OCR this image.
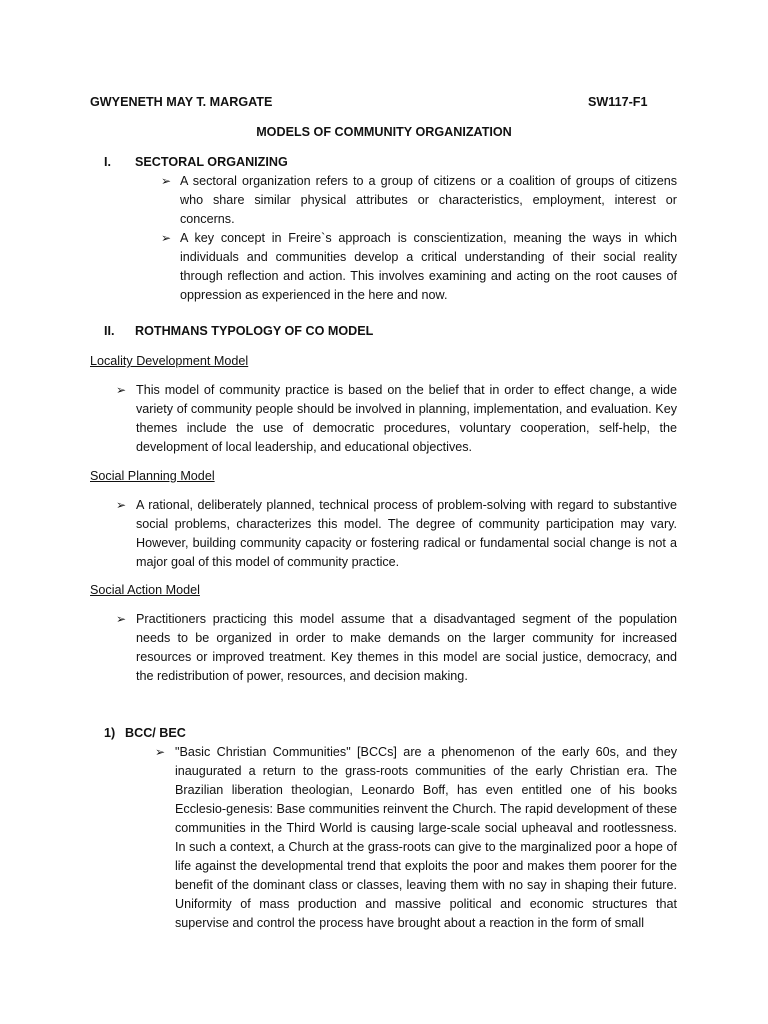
GWYENETH MAY T. MARGATE	SW117-F1
MODELS OF COMMUNITY ORGANIZATION
I. SECTORAL ORGANIZING
➢ A sectoral organization refers to a group of citizens or a coalition of groups of citizens who share similar physical attributes or characteristics, employment, interest or concerns.
➢ A key concept in Freire`s approach is conscientization, meaning the ways in which individuals and communities develop a critical understanding of their social reality through reflection and action. This involves examining and acting on the root causes of oppression as experienced in the here and now.
II. ROTHMANS TYPOLOGY OF CO MODEL
Locality Development Model
➢ This model of community practice is based on the belief that in order to effect change, a wide variety of community people should be involved in planning, implementation, and evaluation. Key themes include the use of democratic procedures, voluntary cooperation, self-help, the development of local leadership, and educational objectives.
Social Planning Model
➢ A rational, deliberately planned, technical process of problem-solving with regard to substantive social problems, characterizes this model. The degree of community participation may vary. However, building community capacity or fostering radical or fundamental social change is not a major goal of this model of community practice.
Social Action Model
➢ Practitioners practicing this model assume that a disadvantaged segment of the population needs to be organized in order to make demands on the larger community for increased resources or improved treatment. Key themes in this model are social justice, democracy, and the redistribution of power, resources, and decision making.
1) BCC/ BEC
➢ "Basic Christian Communities" [BCCs] are a phenomenon of the early 60s, and they inaugurated a return to the grass-roots communities of the early Christian era. The Brazilian liberation theologian, Leonardo Boff, has even entitled one of his books Ecclesio-genesis: Base communities reinvent the Church. The rapid development of these communities in the Third World is causing large-scale social upheaval and rootlessness. In such a context, a Church at the grass-roots can give to the marginalized poor a hope of life against the developmental trend that exploits the poor and makes them poorer for the benefit of the dominant class or classes, leaving them with no say in shaping their future. Uniformity of mass production and massive political and economic structures that supervise and control the process have brought about a reaction in the form of small
